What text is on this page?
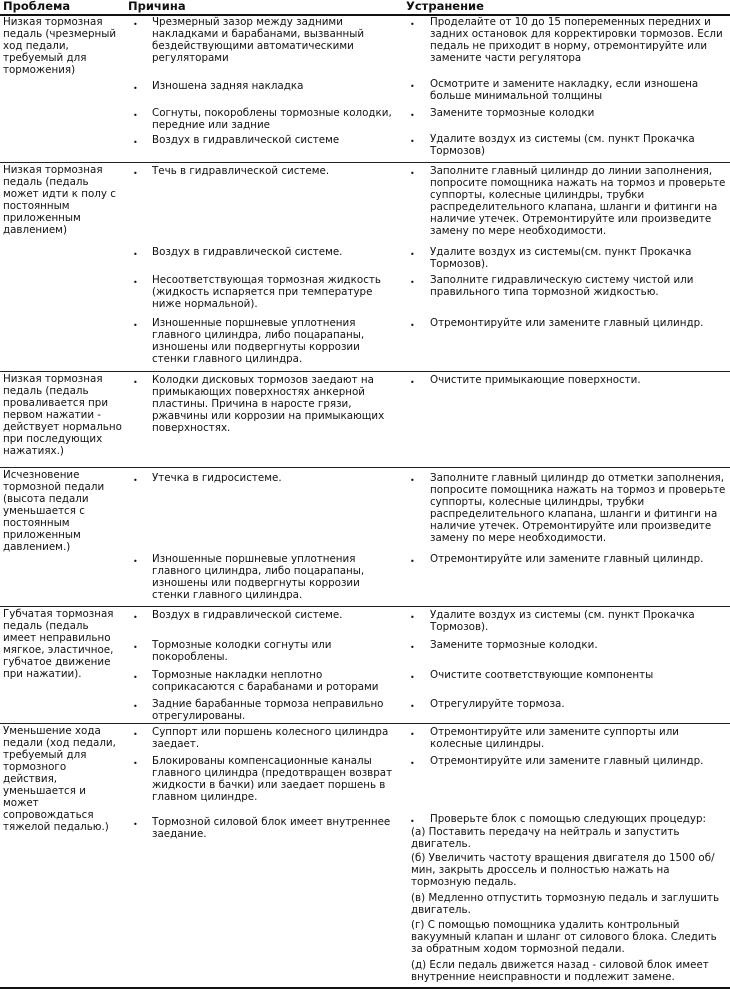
Проблема	Причина	Устранение
Низкая тормозная педаль (чрезмерный ход педали, требуемый для торможения)
• Чрезмерный зазор между задними накладками и барабанами, вызванный бездействующими автоматическими регуляторами
• Изношена задняя накладка
• Согнуты, покороблены тормозные колодки, передние или задние
• Воздух в гидравлической системе
• Проделайте от 10 до 15 попеременных передних и задних остановок для корректировки тормозов. Если педаль не приходит в норму, отремонтируйте или замените части регулятора
• Осмотрите и замените накладку, если изношена больше минимальной толщины
• Замените тормозные колодки
• Удалите воздух из системы (см. пункт Прокачка Тормозов)
Низкая тормозная педаль (педаль может идти к полу с постоянным приложенным давлением)
• Течь в гидравлической системе.
• Воздух в гидравлической системе.
• Несоответствующая тормозная жидкость (жидкость испаряется при температуре ниже нормальной).
• Изношенные поршневые уплотнения главного цилиндра, либо поцарапаны, изношены или подвергнуты коррозии стенки главного цилиндра.
• Заполните главный цилиндр до линии заполнения, попросите помощника нажать на тормоз и проверьте суппорты, колесные цилиндры, трубки распределительного клапана, шланги и фитинги на наличие утечек. Отремонтируйте или произведите замену по мере необходимости.
• Удалите воздух из системы(см. пункт Прокачка Тормозов).
• Заполните гидравлическую систему чистой или правильного типа тормозной жидкостью.
• Отремонтируйте или замените главный цилиндр.
Низкая тормозная педаль (педаль проваливается при первом нажатии - действует нормально при последующих нажатиях.)
• Колодки дисковых тормозов заедают на примыкающих поверхностях анкерной пластины. Причина в наросте грязи, ржавчины или коррозии на примыкающих поверхностях.
• Очистите примыкающие поверхности.
Исчезновение тормозной педали (высота педали уменьшается с постоянным приложенным давлением.)
• Утечка в гидросистеме.
• Изношенные поршневые уплотнения главного цилиндра, либо поцарапаны, изношены или подвергнуты коррозии стенки главного цилиндра.
• Заполните главный цилиндр до отметки заполнения, попросите помощника нажать на тормоз и проверьте суппорты, колесные цилиндры, трубки распределительного клапана, шланги и фитинги на наличие утечек. Отремонтируйте или произведите замену по мере необходимости.
• Отремонтируйте или замените главный цилиндр.
Губчатая тормозная педаль (педаль имеет неправильно мягкое, эластичное, губчатое движение при нажатии).
• Воздух в гидравлической системе.
• Тормозные колодки согнуты или покороблены.
• Тормозные накладки неплотно соприкасаются с барабанами и роторами
• Задние барабанные тормоза неправильно отрегулированы.
• Удалите воздух из системы (см. пункт Прокачка Тормозов).
• Замените тормозные колодки.
• Очистите соответствующие компоненты
• Отрегулируйте тормоза.
Уменьшение хода педали (ход педали, требуемый для тормозного действия, уменьшается и может сопровождаться тяжелой педалью.)
• Суппорт или поршень колесного цилиндра заедает.
• Блокированы компенсационные каналы главного цилиндра (предотвращен возврат жидкости в бачки) или заедает поршень в главном цилиндре.
• Тормозной силовой блок имеет внутреннее заедание.
• Отремонтируйте или замените суппорты или колесные цилиндры.
• Отремонтируйте или замените главный цилиндр.
• Проверьте блок с помощью следующих процедур:
(а) Поставить передачу на нейтраль и запустить двигатель.
(б) Увеличить частоту вращения двигателя до 1500 об/мин, закрыть дроссель и полностью нажать на тормозную педаль.
(в) Медленно отпустить тормозную педаль и заглушить двигатель.
(г) С помощью помощника удалить контрольный вакуумный клапан и шланг от силового блока. Следить за обратным ходом тормозной педали.
(д) Если педаль движется назад - силовой блок имеет внутренние неисправности и подлежит замене.
